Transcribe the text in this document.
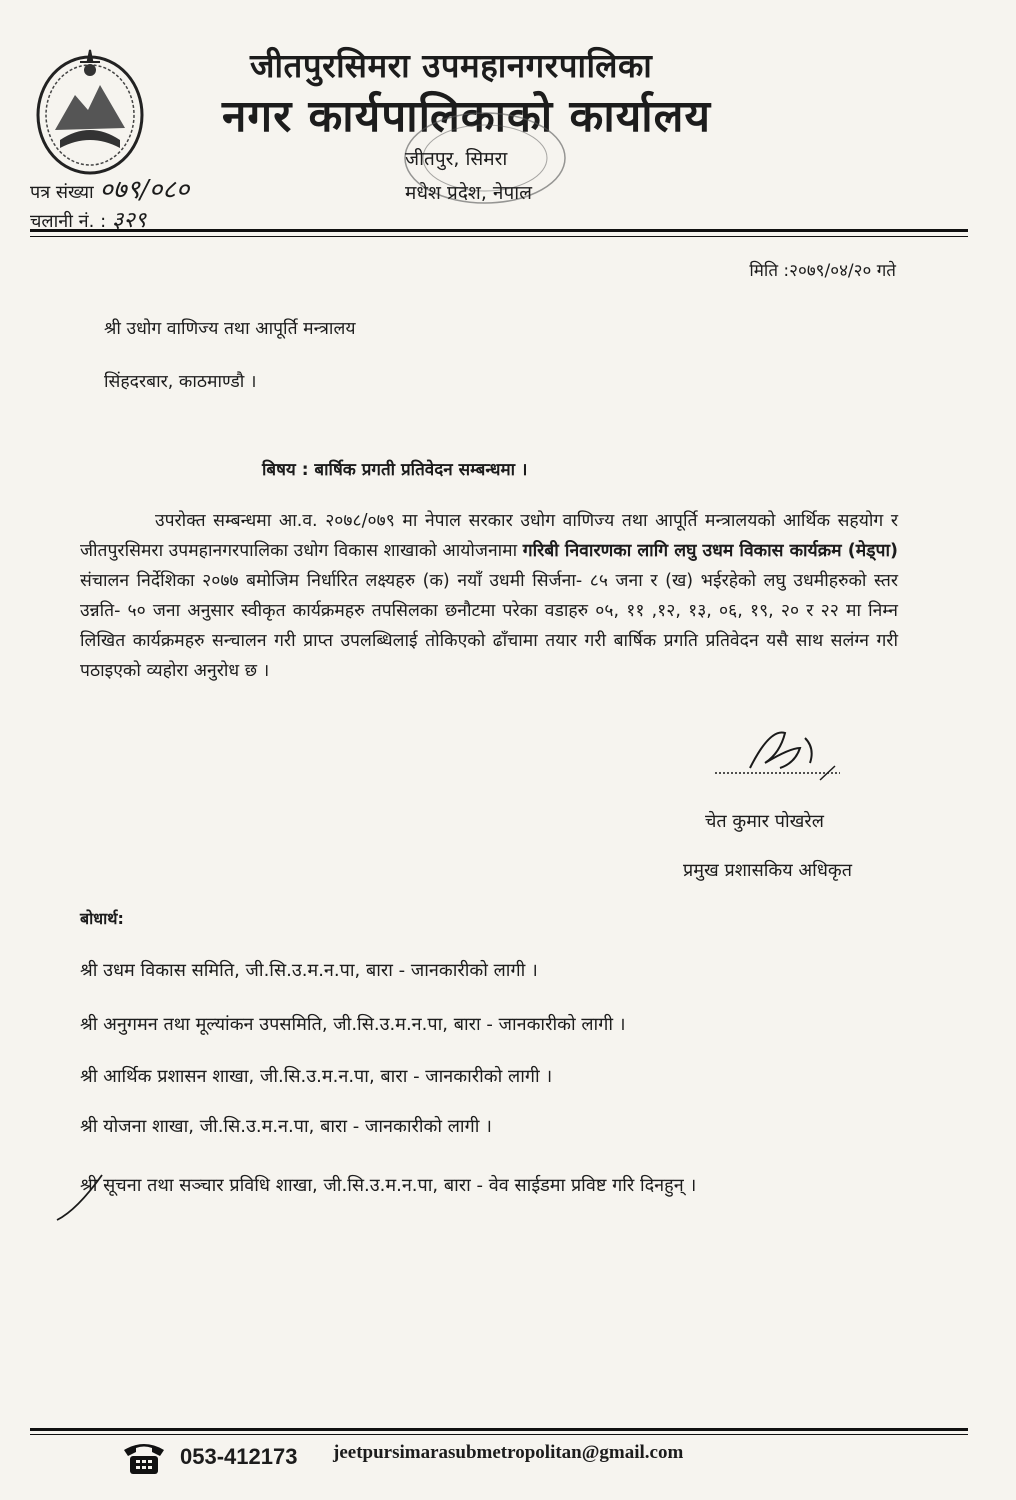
जीतपुरसिमरा उपमहानगरपालिका
नगर कार्यपालिकाको कार्यालय
जीतपुर, सिमरा
मधेश प्रदेश, नेपाल
पत्र संख्या ०७९/०८०
चलानी नं. : ३२९
मिति :२०७९/०४/२० गते
श्री उधोग वाणिज्य तथा आपूर्ति मन्त्रालय
सिंहदरबार, काठमाण्डौ ।
बिषय : बार्षिक प्रगती प्रतिवेदन सम्बन्धमा ।
उपरोक्त सम्बन्धमा आ.व. २०७८/०७९ मा नेपाल सरकार उधोग वाणिज्य तथा आपूर्ति मन्त्रालयको आर्थिक सहयोग र जीतपुरसिमरा उपमहानगरपालिका उधोग विकास शाखाको आयोजनामा गरिबी निवारणका लागि लघु उधम विकास कार्यक्रम (मेड्पा) संचालन निर्देशिका २०७७ बमोजिम निर्धारित लक्ष्यहरु (क) नयाँ उधमी सिर्जना- ८५ जना र (ख) भईरहेको लघु उधमीहरुको स्तर उन्नति- ५० जना अनुसार स्वीकृत कार्यक्रमहरु तपसिलका छनौटमा परेका वडाहरु ०५, ११ ,१२, १३, ०६, १९, २० र २२ मा निम्न लिखित कार्यक्रमहरु सन्चालन गरी प्राप्त उपलब्धिलाई तोकिएको ढाँचामा तयार गरी बार्षिक प्रगति प्रतिवेदन यसै साथ सलंग्न गरी पठाइएको व्यहोरा अनुरोध छ ।
चेत कुमार पोखरेल
प्रमुख प्रशासकिय अधिकृत
बोधार्थ:
श्री उधम विकास समिति, जी.सि.उ.म.न.पा, बारा - जानकारीको लागी ।
श्री अनुगमन तथा मूल्यांकन उपसमिति, जी.सि.उ.म.न.पा, बारा - जानकारीको लागी ।
श्री आर्थिक प्रशासन शाखा, जी.सि.उ.म.न.पा, बारा - जानकारीको लागी ।
श्री योजना शाखा, जी.सि.उ.म.न.पा, बारा - जानकारीको लागी ।
श्री सूचना तथा सञ्चार प्रविधि शाखा, जी.सि.उ.म.न.पा, बारा - वेव साईडमा प्रविष्ट गरि दिनहुन् ।
053-412173 jeetpursimarasubmetropolitan@gmail.com
